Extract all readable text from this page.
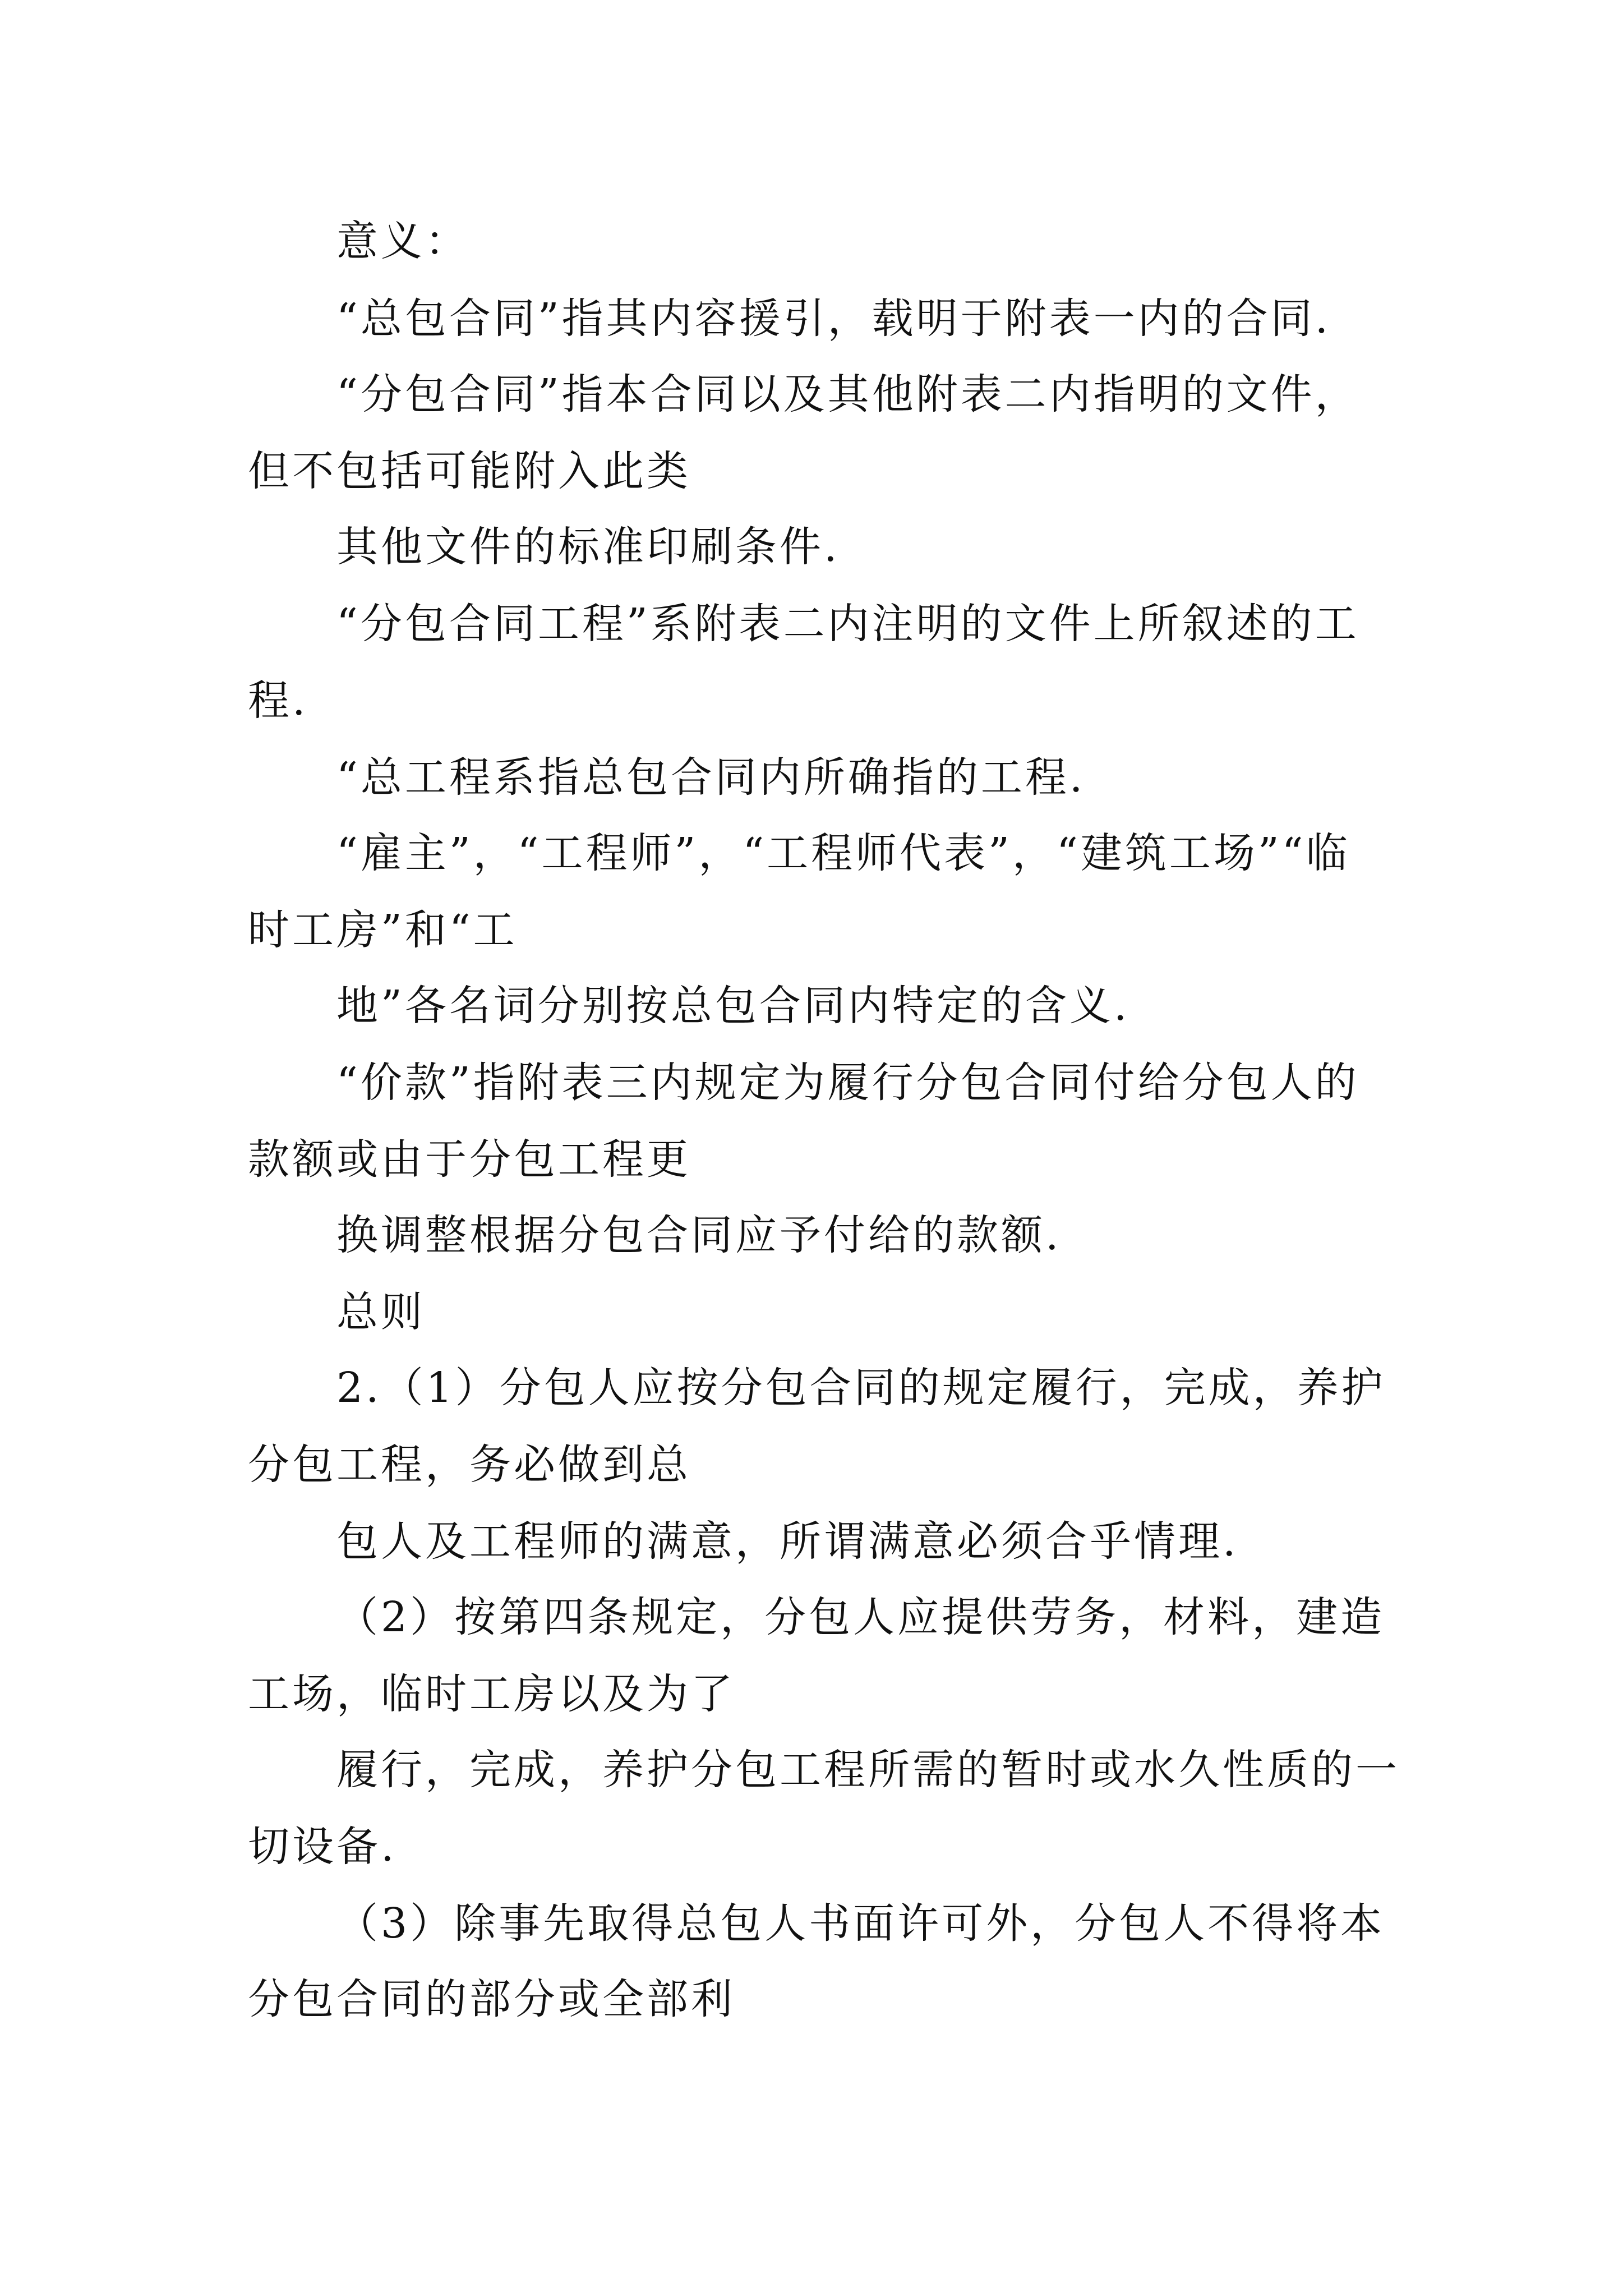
意义：

“总包合同”指其内容援引，载明于附表一内的合同.

“分包合同”指本合同以及其他附表二内指明的文件，

但不包括可能附入此类

其他文件的标准印刷条件.

“分包合同工程”系附表二内注明的文件上所叙述的工

程.

“总工程系指总包合同内所确指的工程.

“雇主”，“工程师”，“工程师代表”，“建筑工场”“临

时工房”和“工

地”各名词分别按总包合同内特定的含义.

“价款”指附表三内规定为履行分包合同付给分包人的

款额或由于分包工程更

换调整根据分包合同应予付给的款额.

总则

2.（1）分包人应按分包合同的规定履行，完成，养护

分包工程，务必做到总

包人及工程师的满意，所谓满意必须合乎情理.

（2）按第四条规定，分包人应提供劳务，材料，建造

工场，临时工房以及为了

履行，完成，养护分包工程所需的暂时或水久性质的一

切设备.

（3）除事先取得总包人书面许可外，分包人不得将本

分包合同的部分或全部利
